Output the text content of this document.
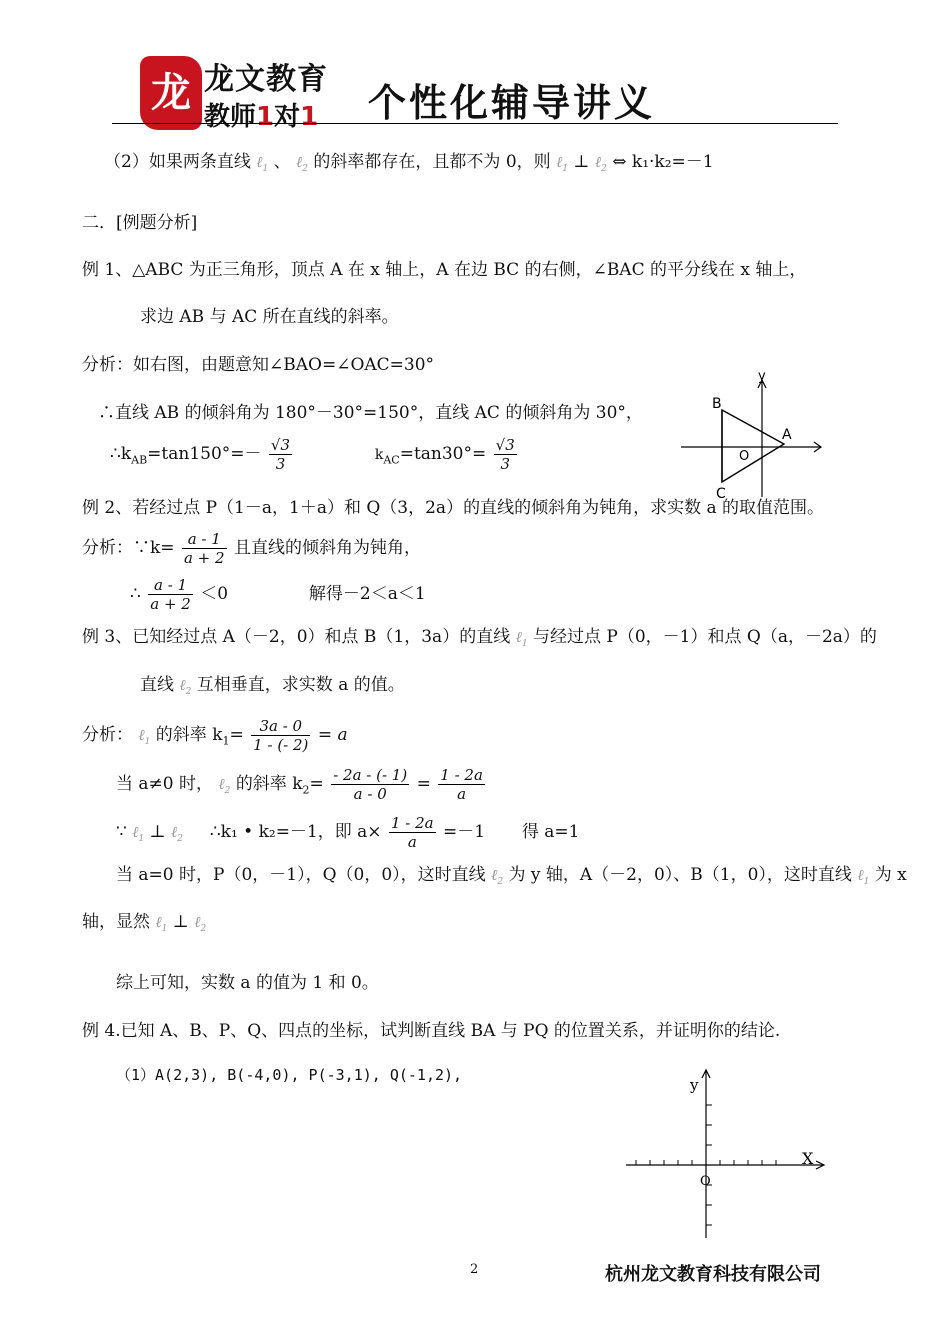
龙 龙文教育
教师1对1 个性化辅导讲义
（2）如果两条直线 ℓ$_1$ 、 ℓ$_2$ 的斜率都存在，且都不为 0，则 ℓ$_1$ ⊥ ℓ$_2$ ⇔ k₁·k₂=－1
二．[例题分析]
例 1、△ABC 为正三角形，顶点 A 在 x 轴上，A 在边 BC 的右侧，∠BAC 的平分线在 x 轴上，
求边 AB 与 AC 所在直线的斜率。
分析：如右图，由题意知∠BAO=∠OAC=30°
∴直线 AB 的倾斜角为 180°－30°=150°，直线 AC 的倾斜角为 30°，
$\therefore k_{AB}=\tan 150^\circ=- \frac{√3}{3}$	$k_{AC}=\tan 30^\circ= \frac{√3}{3}$
B
A
C
O
y
例 2、若经过点 P（1－a，1＋a）和 Q（3，2a）的直线的倾斜角为钝角，求实数 a 的取值范围。
分析：∵k= $\frac{a - 1}{a + 2}$ 且直线的倾斜角为钝角，
∴ $\frac{a - 1}{a + 2} <0$	解得－2＜a＜1
例 3、已知经过点 A（－2，0）和点 B（1，3a）的直线 ℓ$_1$ 与经过点 P（0，－1）和点 Q（a，－2a）的
直线 ℓ$_2$ 互相垂直，求实数 a 的值。
分析： ℓ$_1$ 的斜率 $k_1= \frac{3a - 0}{1 - (- 2)} = a$
当 a≠0 时， ℓ$_2$ 的斜率 $k_2= \frac{- 2a - (- 1)}{a - 0} = \frac{1 - 2a}{a}$
∵ ℓ$_1$ ⊥ ℓ$_2$ ∴k₁ • k₂=－1，即 $a\times \frac{1 - 2a}{a} =-1$ 得 a=1
当 a=0 时，P（0，－1），Q（0，0），这时直线 ℓ$_2$ 为 y 轴，A（－2，0）、B（1，0），这时直线 ℓ$_1$ 为 x
轴，显然 ℓ$_1$ ⊥ ℓ$_2$
综上可知，实数 a 的值为 1 和 0。
例 4.已知 A、B、P、Q、四点的坐标，试判断直线 BA 与 PQ 的位置关系，并证明你的结论.
（1）A(2,3), B(-4,0), P(-3,1), Q(-1,2),
y
X
O
2	杭州龙文教育科技有限公司
